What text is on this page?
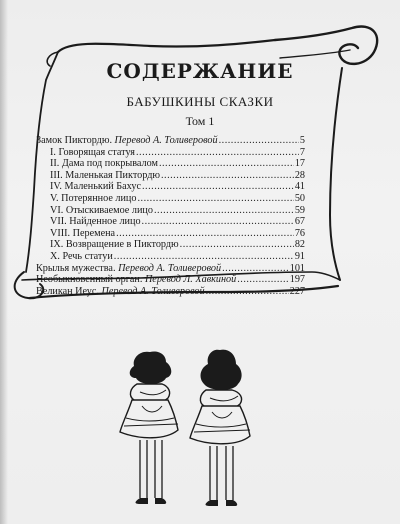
СОДЕРЖАНИЕ
БАБУШКИНЫ СКАЗКИ
Том 1
Замок Пиктордю. Перевод А. Толиверовой .....	5
I. Говорящая статуя .....	7
II. Дама под покрывалом .....	17
III. Маленькая Пиктордю .....	28
IV. Маленький Бахус .....	41
V. Потерянное лицо .....	50
VI. Отыскиваемое лицо .....	59
VII. Найденное лицо .....	67
VIII. Перемена .....	76
IX. Возвращение в Пиктордю .....	82
X. Речь статуи .....	91
Крылья мужества. Перевод А. Толиверовой .....	101
Необыкновенный орган. Перевод Л. Хавкиной .....	197
Великан Иеус. Перевод А. Толиверовой .....	227
